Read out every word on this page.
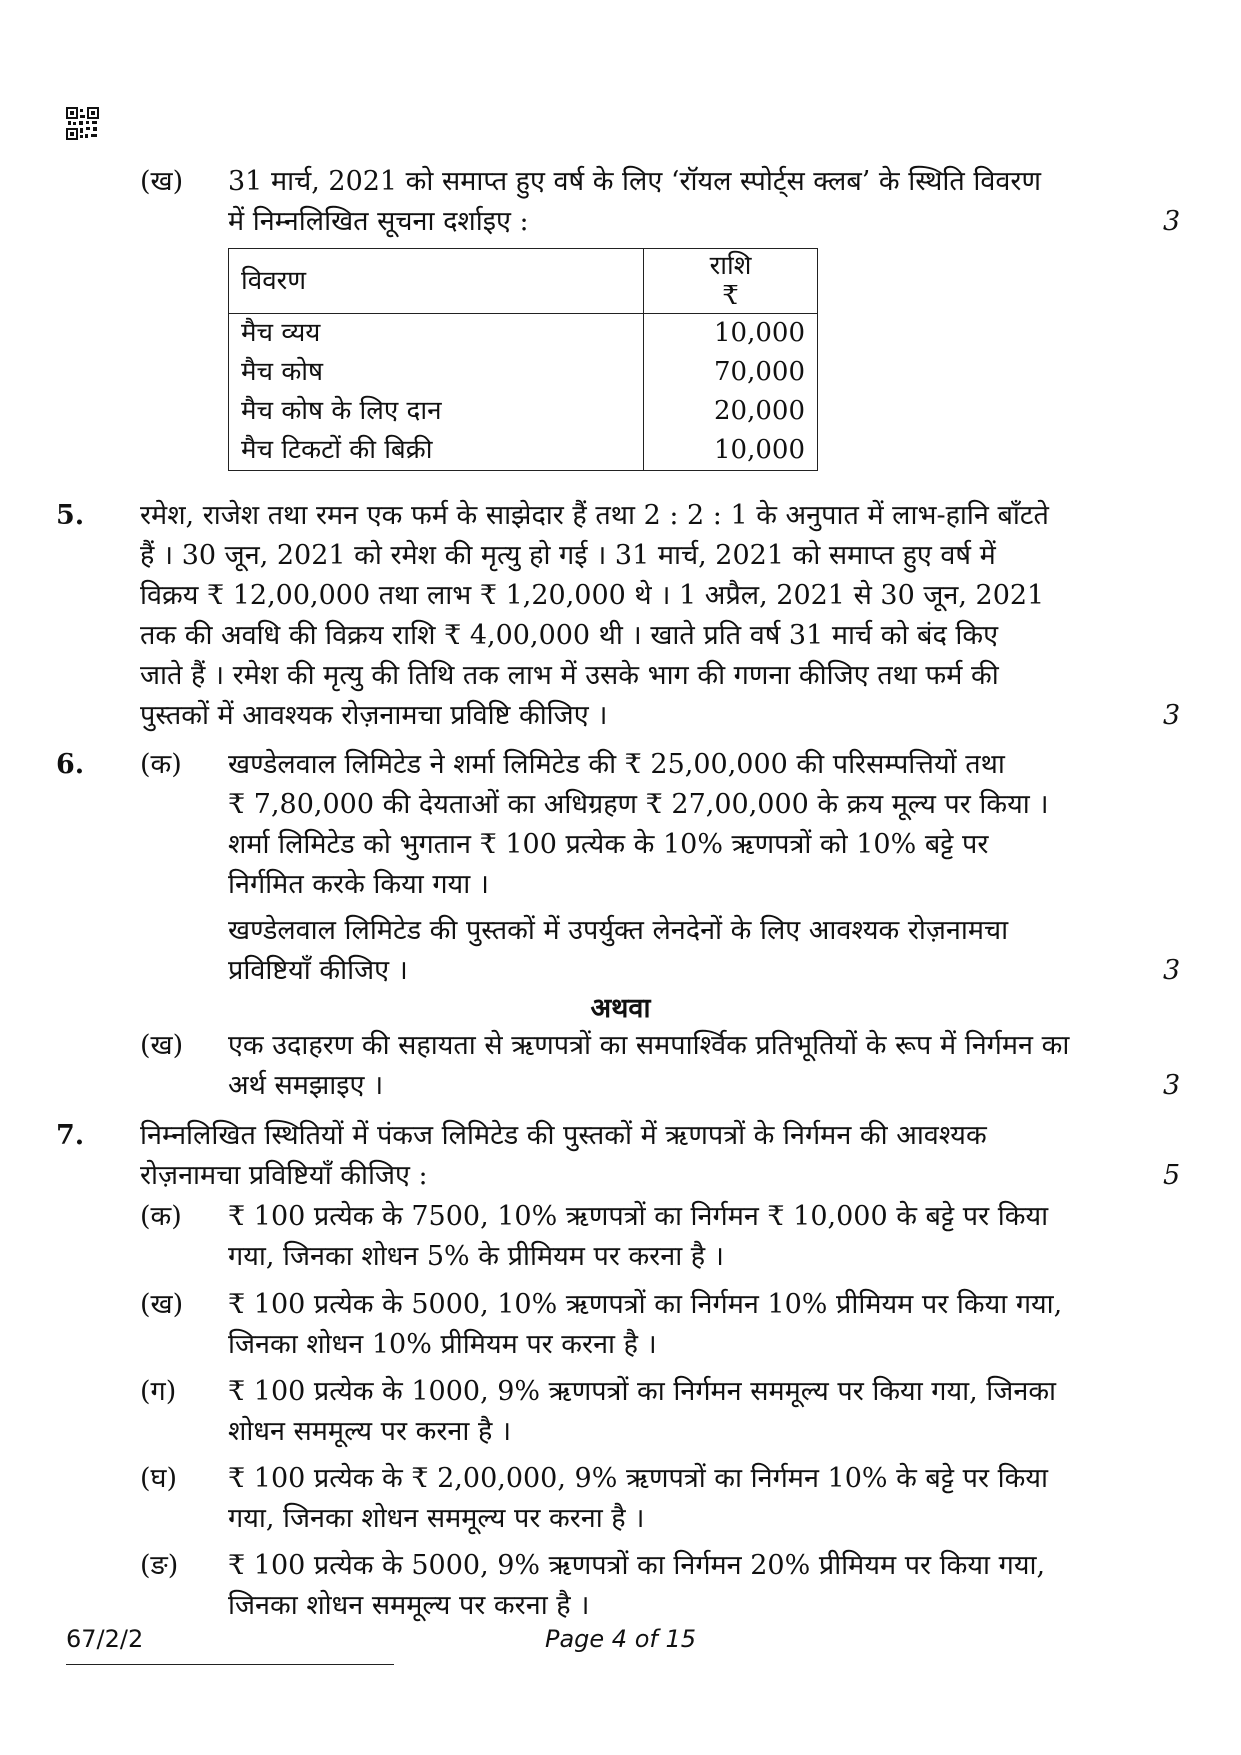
(ख) 31 मार्च, 2021 को समाप्त हुए वर्ष के लिए ‘रॉयल स्पोर्ट्स क्लब’ के स्थिति विवरण
में निम्नलिखित सूचना दर्शाइए :	3
विवरण	राशि
₹

मैच व्यय	10,000
मैच कोष	70,000
मैच कोष के लिए दान	20,000
मैच टिकटों की बिक्री	10,000
5. रमेश, राजेश तथा रमन एक फर्म के साझेदार हैं तथा 2 : 2 : 1 के अनुपात में लाभ-हानि बाँटते
हैं । 30 जून, 2021 को रमेश की मृत्यु हो गई । 31 मार्च, 2021 को समाप्त हुए वर्ष में
विक्रय ₹ 12,00,000 तथा लाभ ₹ 1,20,000 थे । 1 अप्रैल, 2021 से 30 जून, 2021
तक की अवधि की विक्रय राशि ₹ 4,00,000 थी । खाते प्रति वर्ष 31 मार्च को बंद किए
जाते हैं । रमेश की मृत्यु की तिथि तक लाभ में उसके भाग की गणना कीजिए तथा फर्म की
पुस्तकों में आवश्यक रोज़नामचा प्रविष्टि कीजिए ।	3
6. (क) खण्डेलवाल लिमिटेड ने शर्मा लिमिटेड की ₹ 25,00,000 की परिसम्पत्तियों तथा
₹ 7,80,000 की देयताओं का अधिग्रहण ₹ 27,00,000 के क्रय मूल्य पर किया ।
शर्मा लिमिटेड को भुगतान ₹ 100 प्रत्येक के 10% ऋणपत्रों को 10% बट्टे पर
निर्गमित करके किया गया ।
खण्डेलवाल लिमिटेड की पुस्तकों में उपर्युक्त लेनदेनों के लिए आवश्यक रोज़नामचा
प्रविष्टियाँ कीजिए ।	3
अथवा
(ख) एक उदाहरण की सहायता से ऋणपत्रों का समपार्श्विक प्रतिभूतियों के रूप में निर्गमन का
अर्थ समझाइए ।	3
7. निम्नलिखित स्थितियों में पंकज लिमिटेड की पुस्तकों में ऋणपत्रों के निर्गमन की आवश्यक
रोज़नामचा प्रविष्टियाँ कीजिए :	5
(क) ₹ 100 प्रत्येक के 7500, 10% ऋणपत्रों का निर्गमन ₹ 10,000 के बट्टे पर किया
गया, जिनका शोधन 5% के प्रीमियम पर करना है ।
(ख) ₹ 100 प्रत्येक के 5000, 10% ऋणपत्रों का निर्गमन 10% प्रीमियम पर किया गया,
जिनका शोधन 10% प्रीमियम पर करना है ।
(ग) ₹ 100 प्रत्येक के 1000, 9% ऋणपत्रों का निर्गमन सममूल्य पर किया गया, जिनका
शोधन सममूल्य पर करना है ।
(घ) ₹ 100 प्रत्येक के ₹ 2,00,000, 9% ऋणपत्रों का निर्गमन 10% के बट्टे पर किया
गया, जिनका शोधन सममूल्य पर करना है ।
(ङ) ₹ 100 प्रत्येक के 5000, 9% ऋणपत्रों का निर्गमन 20% प्रीमियम पर किया गया,
जिनका शोधन सममूल्य पर करना है ।
67/2/2	Page 4 of 15
